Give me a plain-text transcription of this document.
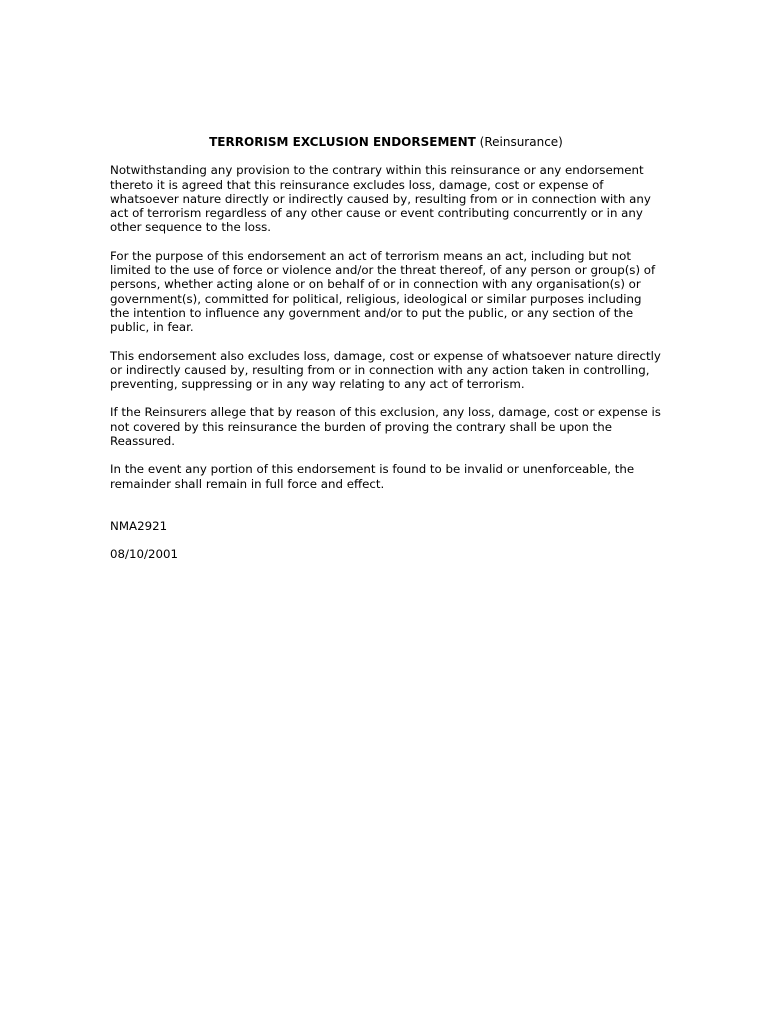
TERRORISM EXCLUSION ENDORSEMENT (Reinsurance)

Notwithstanding any provision to the contrary within this reinsurance or any endorsement thereto it is agreed that this reinsurance excludes loss, damage, cost or expense of whatsoever nature directly or indirectly caused by, resulting from or in connection with any act of terrorism regardless of any other cause or event contributing concurrently or in any other sequence to the loss.

For the purpose of this endorsement an act of terrorism means an act, including but not limited to the use of force or violence and/or the threat thereof, of any person or group(s) of persons, whether acting alone or on behalf of or in connection with any organisation(s) or government(s), committed for political, religious, ideological or similar purposes including the intention to influence any government and/or to put the public, or any section of the public, in fear.

This endorsement also excludes loss, damage, cost or expense of whatsoever nature directly or indirectly caused by, resulting from or in connection with any action taken in controlling, preventing, suppressing or in any way relating to any act of terrorism.

If the Reinsurers allege that by reason of this exclusion, any loss, damage, cost or expense is not covered by this reinsurance the burden of proving the contrary shall be upon the Reassured.

In the event any portion of this endorsement is found to be invalid or unenforceable, the remainder shall remain in full force and effect.

NMA2921

08/10/2001
